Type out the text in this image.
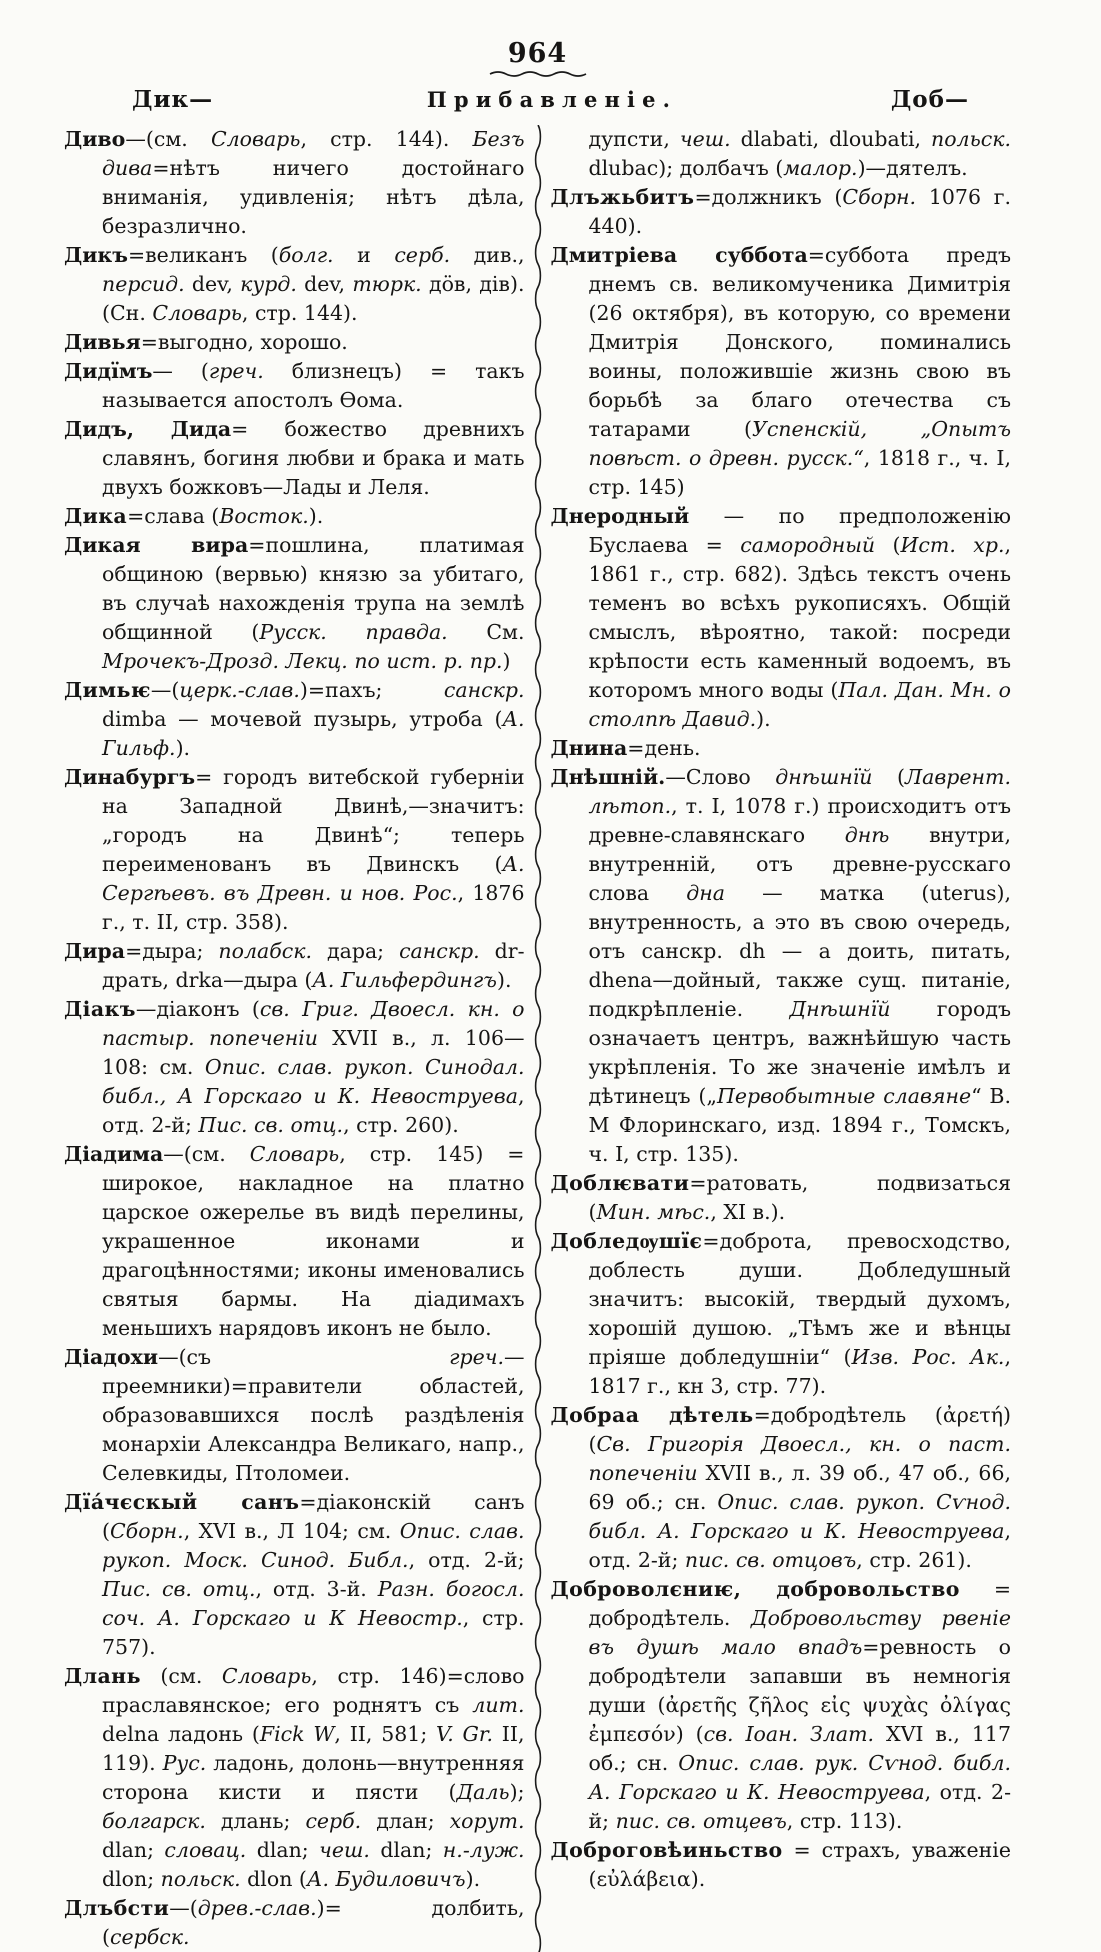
964
Дик—	Прибавленіе.	Доб—
Диво—(см. Словарь, стр. 144). Безъ дива=нѣтъ ничего достойнаго вниманія, удивленія; нѣтъ дѣла, безразлично.
Дикъ=великанъ (болг. и серб. див., персид. dev, курд. dev, тюрк. дöв, дів). (Сн. Словарь, стр. 144).
Дивья=выгодно, хорошо.
Дидїмъ— (греч. близнецъ) = такъ называется апостолъ Ѳома.
Дидъ, Дида= божество древнихъ славянъ, богиня любви и брака и мать двухъ божковъ—Лады и Леля.
Дика=слава (Восток.).
Дикая вира=пошлина, платимая общиною (вервью) князю за убитаго, въ случаѣ нахожденія трупа на землѣ общинной (Русск. правда. См. Мрочекъ-Дрозд. Лекц. по ист. р. пр.)
Димьѥ—(церк.-слав.)=пахъ; санскр. dimba — мочевой пузырь, утроба (А. Гильф.).
Динабургъ= городъ витебской губерніи на Западной Двинѣ,—значитъ: „городъ на Двинѣ“; теперь переименованъ въ Двинскъ (А. Сергѣевъ. въ Древн. и нов. Рос., 1876 г., т. II, стр. 358).
Дира=дыра; полабск. дара; санскр. dr-драть, drka—дыра (А. Гильфердингъ).
Діакъ—діаконъ (св. Григ. Двоесл. кн. о пастыр. попеченіи XVII в., л. 106—108: см. Опис. слав. рукоп. Синодал. библ., А Горскаго и К. Невоструева, отд. 2-й; Пис. св. отц., стр. 260).
Діадима—(см. Словарь, стр. 145) = широкое, накладное на платно царское ожерелье въ видѣ перелины, украшенное иконами и драгоцѣнностями; иконы именовались святыя бармы. На діадимахъ меньшихъ нарядовъ иконъ не было.
Діадохи—(съ греч.—преемники)=правители областей, образовавшихся послѣ раздѣленія монархіи Александра Великаго, напр., Селевкиды, Птоломеи.
Дїа́чєскый санъ=діаконскій санъ (Сборн., XVI в., Л 104; см. Опис. слав. рукоп. Моск. Синод. Библ., отд. 2-й; Пис. св. отц., отд. 3-й. Разн. богосл. соч. А. Горскаго и К Невостр., стр. 757).
Длань (см. Словарь, стр. 146)=слово праславянское; его роднятъ съ лит. delna ладонь (Fick W, II, 581; V. Gr. II, 119). Рус. ладонь, долонь—внутренняя сторона кисти и пясти (Даль); болгарск. длань; серб. длан; хорут. dlan; словац. dlan; чеш. dlan; н.-луж. dlon; польск. dlon (А. Будиловичъ).
Длъбсти—(древ.-слав.)= долбить, (сербск.
дупсти, чеш. dlabati, dloubati, польск. dlubac); долбачъ (малор.)—дятелъ.
Длъжьбитъ=должникъ (Сборн. 1076 г. 440).
Дмитріева суббота=суббота предъ днемъ св. великомученика Димитрія (26 октября), въ которую, со времени Дмитрія Донского, поминались воины, положившіе жизнь свою въ борьбѣ за благо отечества съ татарами (Успенскій, „Опытъ повѣст. о древн. русск.“, 1818 г., ч. I, стр. 145)
Днеродный — по предположенію Буслаева = самородный (Ист. хр., 1861 г., стр. 682). Здѣсь текстъ очень теменъ во всѣхъ рукописяхъ. Общій смыслъ, вѣроятно, такой: посреди крѣпости есть каменный водоемъ, въ которомъ много воды (Пал. Дан. Мн. о столпѣ Давид.).
Днина=день.
Днѣшній.—Слово днѣшнїй (Лаврент. лѣтоп., т. I, 1078 г.) происходитъ отъ древне-славянскаго днѣ внутри, внутренній, отъ древне-русскаго слова дна — матка (uterus), внутренность, а это въ свою очередь, отъ санскр. dh — а доить, питать, dhena—дойный, также сущ. питаніе, подкрѣпленіе. Днѣшнїй городъ означаетъ центръ, важнѣйшую часть укрѣпленія. То же значеніе имѣлъ и дѣтинецъ („Первобытные славяне“ В. М Флоринскаго, изд. 1894 г., Томскъ, ч. I, стр. 135).
Доблѥвати=ратовать, подвизаться (Мин. мѣс., XI в.).
Добледѹшїє=доброта, превосходство, доблесть души. Добледушный значитъ: высокій, твердый духомъ, хорошій душою. „Тѣмъ же и вѣнцы пріяше добледушніи“ (Изв. Рос. Ак., 1817 г., кн 3, стр. 77).
Добраа дѣтель=добродѣтель (ἀρετή) (Св. Григорія Двоесл., кн. о паст. попеченіи XVII в., л. 39 об., 47 об., 66, 69 об.; сн. Опис. слав. рукоп. Сѵнод. библ. А. Горскаго и К. Невоструева, отд. 2-й; пис. св. отцовъ, стр. 261).
Доброволєниѥ, добровольство = добродѣтель. Добровольству рвеніе въ душѣ мало впадъ=ревность о добродѣтели запавши въ немногія души (ἀρετῆς ζῆλος εἰς ψυχὰς ὀλίγας ἐμπεσόν) (св. Іоан. Злат. XVI в., 117 об.; сн. Опис. слав. рук. Сѵнод. библ. А. Горскаго и К. Невоструева, отд. 2-й; пис. св. отцевъ, стр. 113).
Доброговѣиньство = страхъ, уваженіе (εὐλάβεια).
